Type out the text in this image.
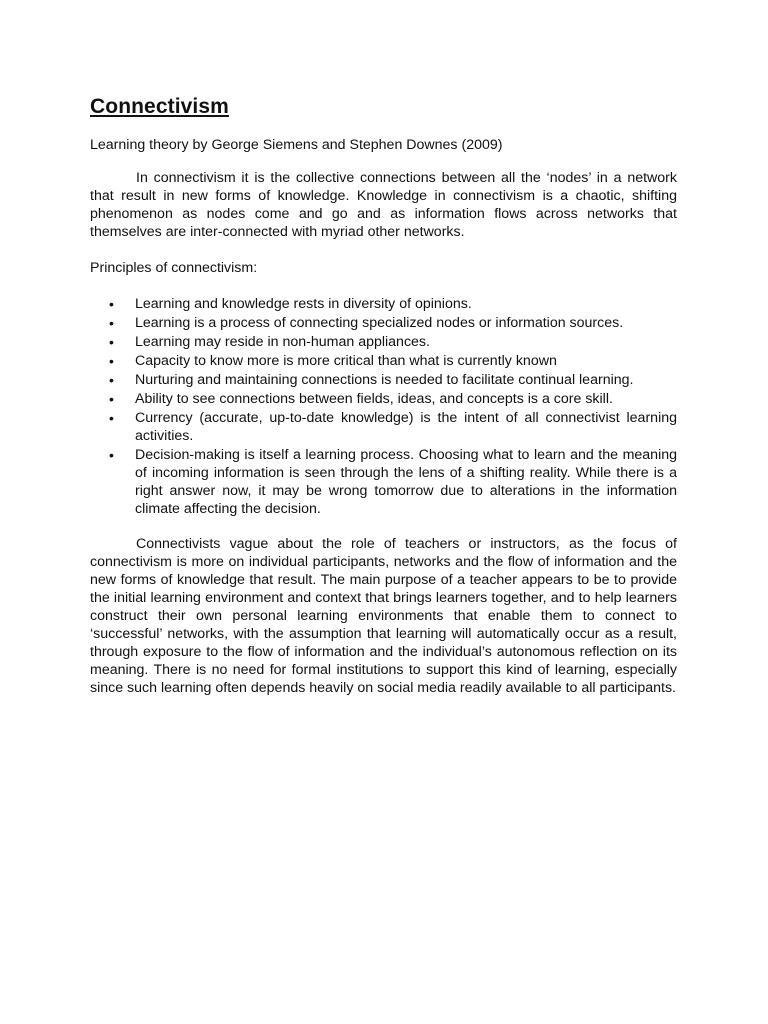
Connectivism

Learning theory by George Siemens and Stephen Downes (2009)

In connectivism it is the collective connections between all the ‘nodes’ in a network that result in new forms of knowledge. Knowledge in connectivism is a chaotic, shifting phenomenon as nodes come and go and as information flows across networks that themselves are inter-connected with myriad other networks.

Principles of connectivism:

• Learning and knowledge rests in diversity of opinions.
• Learning is a process of connecting specialized nodes or information sources.
• Learning may reside in non-human appliances.
• Capacity to know more is more critical than what is currently known
• Nurturing and maintaining connections is needed to facilitate continual learning.
• Ability to see connections between fields, ideas, and concepts is a core skill.
• Currency (accurate, up-to-date knowledge) is the intent of all connectivist learning activities.
• Decision-making is itself a learning process. Choosing what to learn and the meaning of incoming information is seen through the lens of a shifting reality. While there is a right answer now, it may be wrong tomorrow due to alterations in the information climate affecting the decision.

Connectivists vague about the role of teachers or instructors, as the focus of connectivism is more on individual participants, networks and the flow of information and the new forms of knowledge that result. The main purpose of a teacher appears to be to provide the initial learning environment and context that brings learners together, and to help learners construct their own personal learning environments that enable them to connect to ‘successful’ networks, with the assumption that learning will automatically occur as a result, through exposure to the flow of information and the individual’s autonomous reflection on its meaning. There is no need for formal institutions to support this kind of learning, especially since such learning often depends heavily on social media readily available to all participants.
